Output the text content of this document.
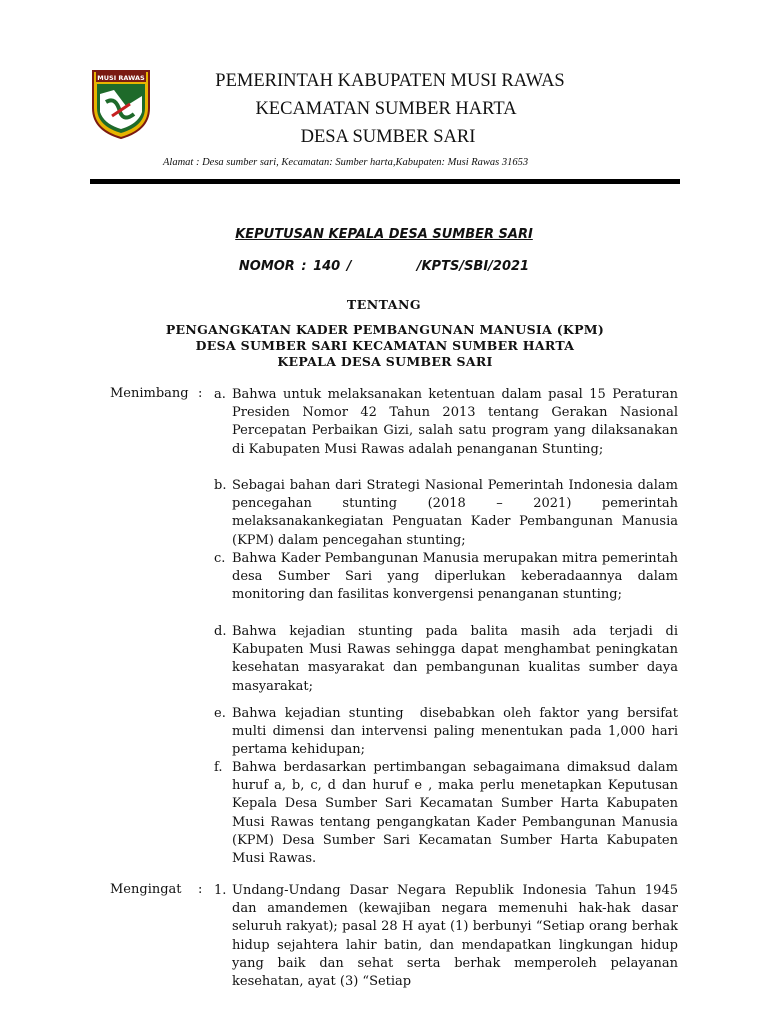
MUSI RAWAS	PEMERINTAH KABUPATEN MUSI RAWAS
KECAMATAN SUMBER HARTA
DESA SUMBER SARI
Alamat : Desa sumber sari, Kecamatan: Sumber harta,Kabupaten: Musi Rawas 31653
KEPUTUSAN KEPALA DESA SUMBER SARI
NOMOR : 140 /          /KPTS/SBI/2021
TENTANG
PENGANGKATAN KADER PEMBANGUNAN MANUSIA (KPM)
DESA SUMBER SARI KECAMATAN SUMBER HARTA
KEPALA DESA SUMBER SARI
Menimbang : a. Bahwa untuk melaksanakan ketentuan dalam pasal 15 Peraturan Presiden Nomor 42 Tahun 2013 tentang Gerakan Nasional Percepatan Perbaikan Gizi, salah satu program yang dilaksanakan di Kabupaten Musi Rawas adalah penanganan Stunting;
b. Sebagai bahan dari Strategi Nasional Pemerintah Indonesia dalam pencegahan stunting (2018 – 2021) pemerintah melaksanakankegiatan Penguatan Kader Pembangunan Manusia (KPM) dalam pencegahan stunting;
c. Bahwa Kader Pembangunan Manusia merupakan mitra pemerintah desa Sumber Sari yang diperlukan keberadaannya dalam monitoring dan fasilitas konvergensi penanganan stunting;
d. Bahwa kejadian stunting pada balita masih ada terjadi di Kabupaten Musi Rawas sehingga dapat menghambat peningkatan kesehatan masyarakat dan pembangunan kualitas sumber daya masyarakat;
e. Bahwa kejadian stunting  disebabkan oleh faktor yang bersifat multi dimensi dan intervensi paling menentukan pada 1,000 hari pertama kehidupan;
f. Bahwa berdasarkan pertimbangan sebagaimana dimaksud dalam huruf a, b, c, d dan huruf e , maka perlu menetapkan Keputusan Kepala Desa Sumber Sari Kecamatan Sumber Harta Kabupaten Musi Rawas tentang pengangkatan Kader Pembangunan Manusia (KPM) Desa Sumber Sari Kecamatan Sumber Harta Kabupaten Musi Rawas.
Mengingat : 1. Undang-Undang Dasar Negara Republik Indonesia Tahun 1945 dan amandemen (kewajiban negara memenuhi hak-hak dasar seluruh rakyat); pasal 28 H ayat (1) berbunyi “Setiap orang berhak hidup sejahtera lahir batin, dan mendapatkan lingkungan hidup yang baik dan sehat serta berhak memperoleh pelayanan kesehatan, ayat (3) “Setiap
